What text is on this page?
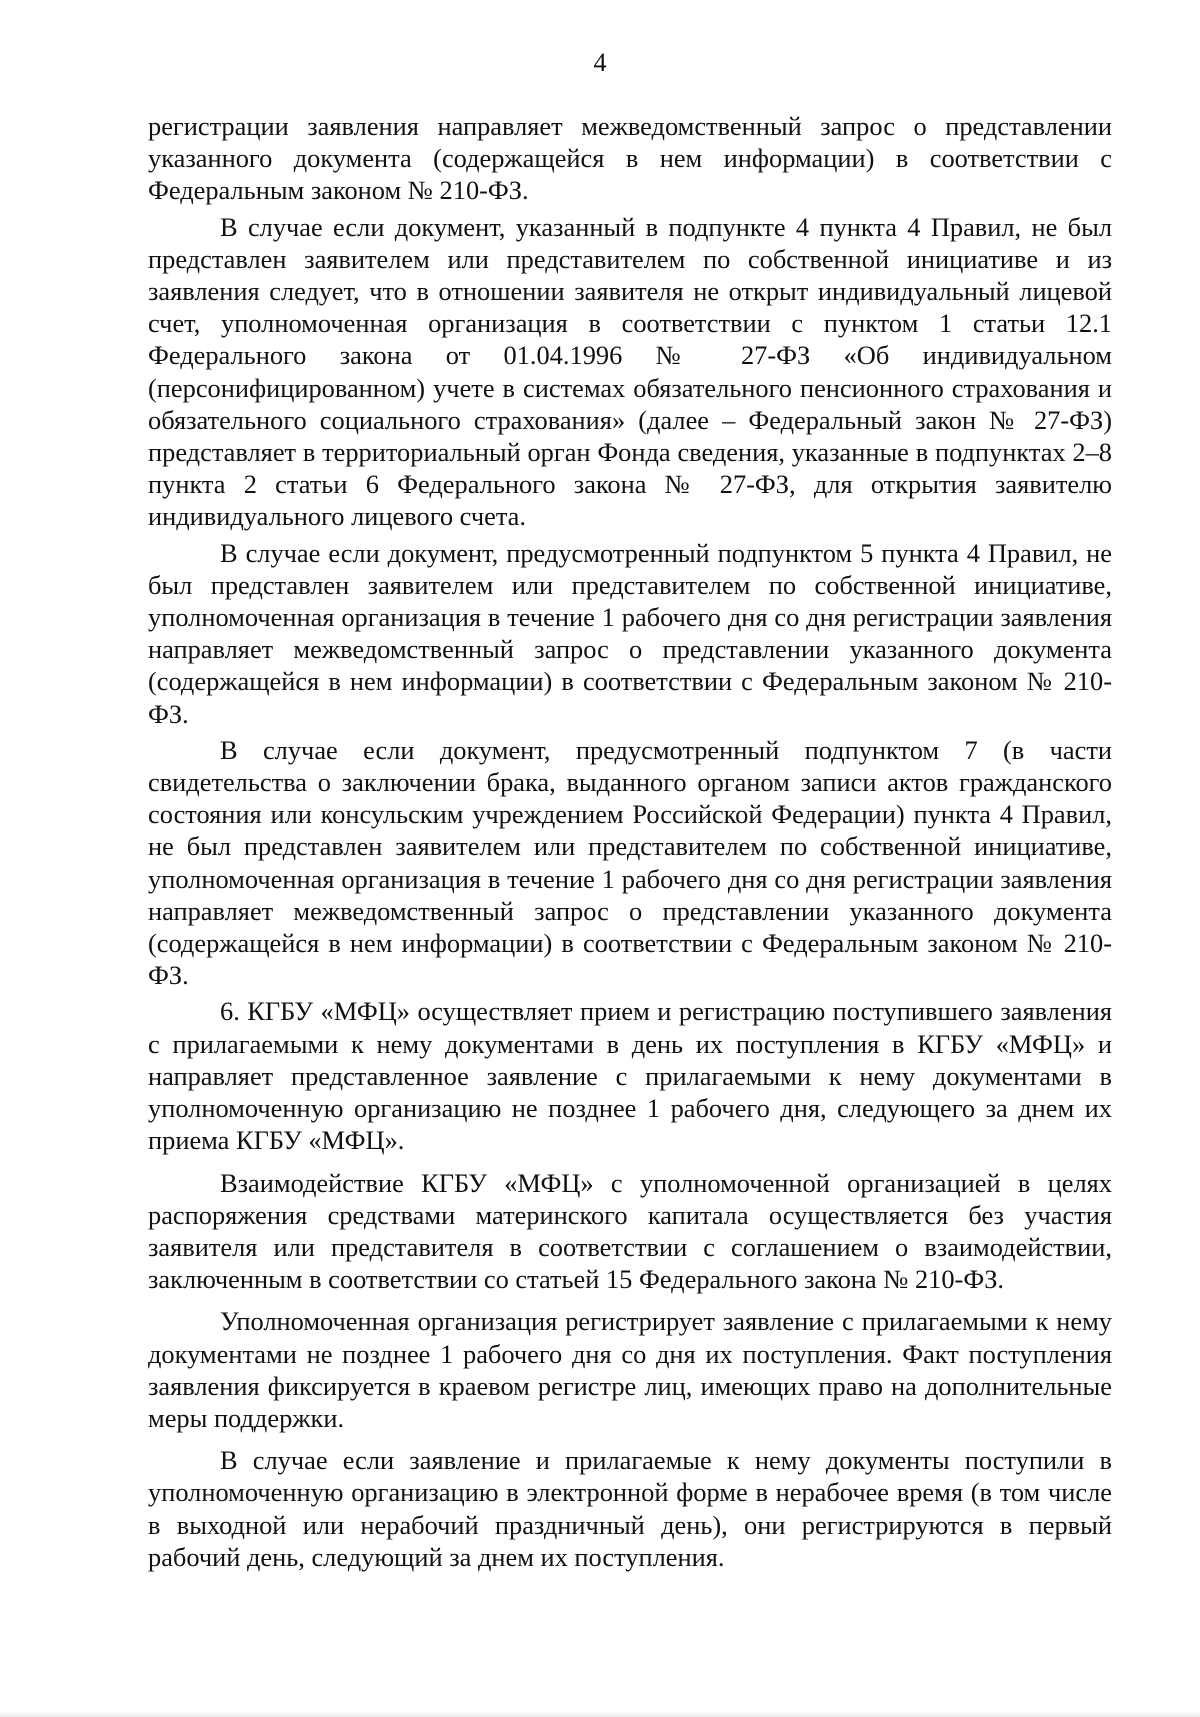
4

регистрации заявления направляет межведомственный запрос о представлении указанного документа (содержащейся в нем информации) в соответствии с Федеральным законом № 210-ФЗ.

В случае если документ, указанный в подпункте 4 пункта 4 Правил, не был представлен заявителем или представителем по собственной инициативе и из заявления следует, что в отношении заявителя не открыт индивидуальный лицевой счет, уполномоченная организация в соответствии с пунктом 1 статьи 12.1 Федерального закона от 01.04.1996 № 27-ФЗ «Об индивидуальном (персонифицированном) учете в системах обязательного пенсионного страхования и обязательного социального страхования» (далее – Федеральный закон № 27-ФЗ) представляет в территориальный орган Фонда сведения, указанные в подпунктах 2–8 пункта 2 статьи 6 Федерального закона № 27-ФЗ, для открытия заявителю индивидуального лицевого счета.

В случае если документ, предусмотренный подпунктом 5 пункта 4 Правил, не был представлен заявителем или представителем по собственной инициативе, уполномоченная организация в течение 1 рабочего дня со дня регистрации заявления направляет межведомственный запрос о представлении указанного документа (содержащейся в нем информации) в соответствии с Федеральным законом № 210-ФЗ.

В случае если документ, предусмотренный подпунктом 7 (в части свидетельства о заключении брака, выданного органом записи актов гражданского состояния или консульским учреждением Российской Федерации) пункта 4 Правил, не был представлен заявителем или представителем по собственной инициативе, уполномоченная организация в течение 1 рабочего дня со дня регистрации заявления направляет межведомственный запрос о представлении указанного документа (содержащейся в нем информации) в соответствии с Федеральным законом № 210-ФЗ.

6. КГБУ «МФЦ» осуществляет прием и регистрацию поступившего заявления с прилагаемыми к нему документами в день их поступления в КГБУ «МФЦ» и направляет представленное заявление с прилагаемыми к нему документами в уполномоченную организацию не позднее 1 рабочего дня, следующего за днем их приема КГБУ «МФЦ».

Взаимодействие КГБУ «МФЦ» с уполномоченной организацией в целях распоряжения средствами материнского капитала осуществляется без участия заявителя или представителя в соответствии с соглашением о взаимодействии, заключенным в соответствии со статьей 15 Федерального закона № 210-ФЗ.

Уполномоченная организация регистрирует заявление с прилагаемыми к нему документами не позднее 1 рабочего дня со дня их поступления. Факт поступления заявления фиксируется в краевом регистре лиц, имеющих право на дополнительные меры поддержки.

В случае если заявление и прилагаемые к нему документы поступили в уполномоченную организацию в электронной форме в нерабочее время (в том числе в выходной или нерабочий праздничный день), они регистрируются в первый рабочий день, следующий за днем их поступления.
